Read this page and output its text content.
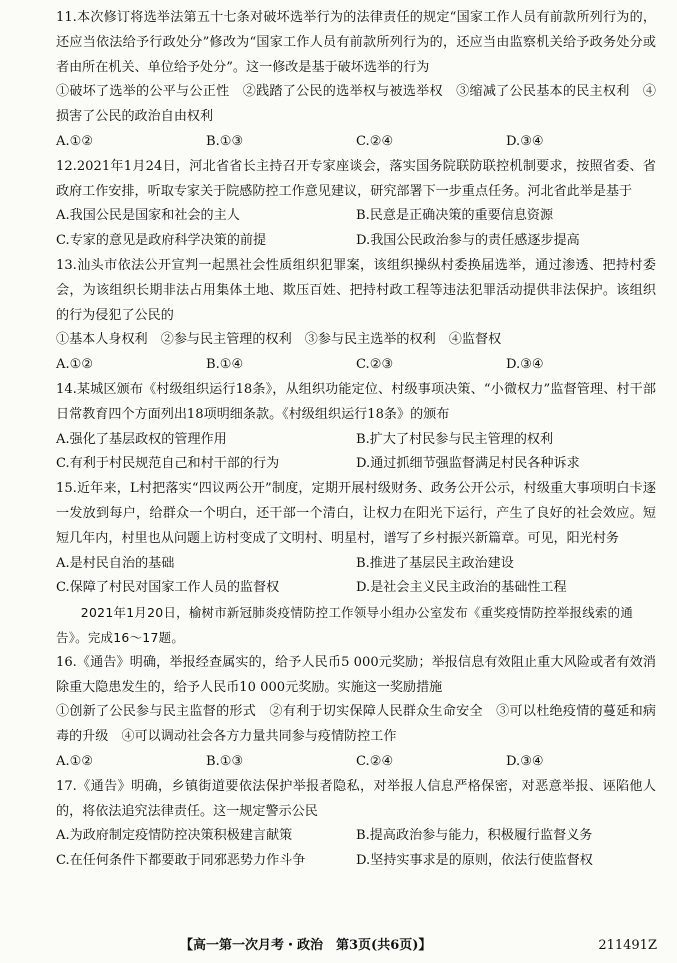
11.本次修订将选举法第五十七条对破坏选举行为的法律责任的规定“国家工作人员有前款所列行为的，还应当依法给予行政处分”修改为“国家工作人员有前款所列行为的，还应当由监察机关给予政务处分或者由所在机关、单位给予处分”。这一修改是基于破坏选举的行为
①破坏了选举的公平与公正性　②践踏了公民的选举权与被选举权　③缩减了公民基本的民主权利　④损害了公民的政治自由权利
A.①②	B.①③	C.②④	D.③④
12.2021年1月24日，河北省省长主持召开专家座谈会，落实国务院联防联控机制要求，按照省委、省政府工作安排，听取专家关于院感防控工作意见建议，研究部署下一步重点任务。河北省此举是基于
A.我国公民是国家和社会的主人	B.民意是正确决策的重要信息资源
C.专家的意见是政府科学决策的前提	D.我国公民政治参与的责任感逐步提高
13.汕头市依法公开宣判一起黑社会性质组织犯罪案，该组织操纵村委换届选举，通过渗透、把持村委会，为该组织长期非法占用集体土地、欺压百姓、把持村政工程等违法犯罪活动提供非法保护。该组织的行为侵犯了公民的
①基本人身权利　②参与民主管理的权利　③参与民主选举的权利　④监督权
A.①②	B.①④	C.②③	D.③④
14.某城区颁布《村级组织运行18条》，从组织功能定位、村级事项决策、“小微权力”监督管理、村干部日常教育四个方面列出18项明细条款。《村级组织运行18条》的颁布
A.强化了基层政权的管理作用	B.扩大了村民参与民主管理的权利
C.有利于村民规范自己和村干部的行为	D.通过抓细节强监督满足村民各种诉求
15.近年来，L村把落实“四议两公开”制度，定期开展村级财务、政务公开公示，村级重大事项明白卡逐一发放到每户，给群众一个明白，还干部一个清白，让权力在阳光下运行，产生了良好的社会效应。短短几年内，村里也从问题上访村变成了文明村、明星村，谱写了乡村振兴新篇章。可见，阳光村务
A.是村民自治的基础	B.推进了基层民主政治建设
C.保障了村民对国家工作人员的监督权	D.是社会主义民主政治的基础性工程
2021年1月20日，榆树市新冠肺炎疫情防控工作领导小组办公室发布《重奖疫情防控举报线索的通告》。完成16～17题。
16.《通告》明确，举报经查属实的，给予人民币5 000元奖励；举报信息有效阻止重大风险或者有效消除重大隐患发生的，给予人民币10 000元奖励。实施这一奖励措施
①创新了公民参与民主监督的形式　②有利于切实保障人民群众生命安全　③可以杜绝疫情的蔓延和病毒的升级　④可以调动社会各方力量共同参与疫情防控工作
A.①②	B.①③	C.②④	D.③④
17.《通告》明确，乡镇街道要依法保护举报者隐私，对举报人信息严格保密，对恶意举报、诬陷他人的，将依法追究法律责任。这一规定警示公民
A.为政府制定疫情防控决策积极建言献策	B.提高政治参与能力，积极履行监督义务
C.在任何条件下都要敢于同邪恶势力作斗争	D.坚持实事求是的原则，依法行使监督权
【高一第一次月考・政治　第3页(共6页)】	211491Z
